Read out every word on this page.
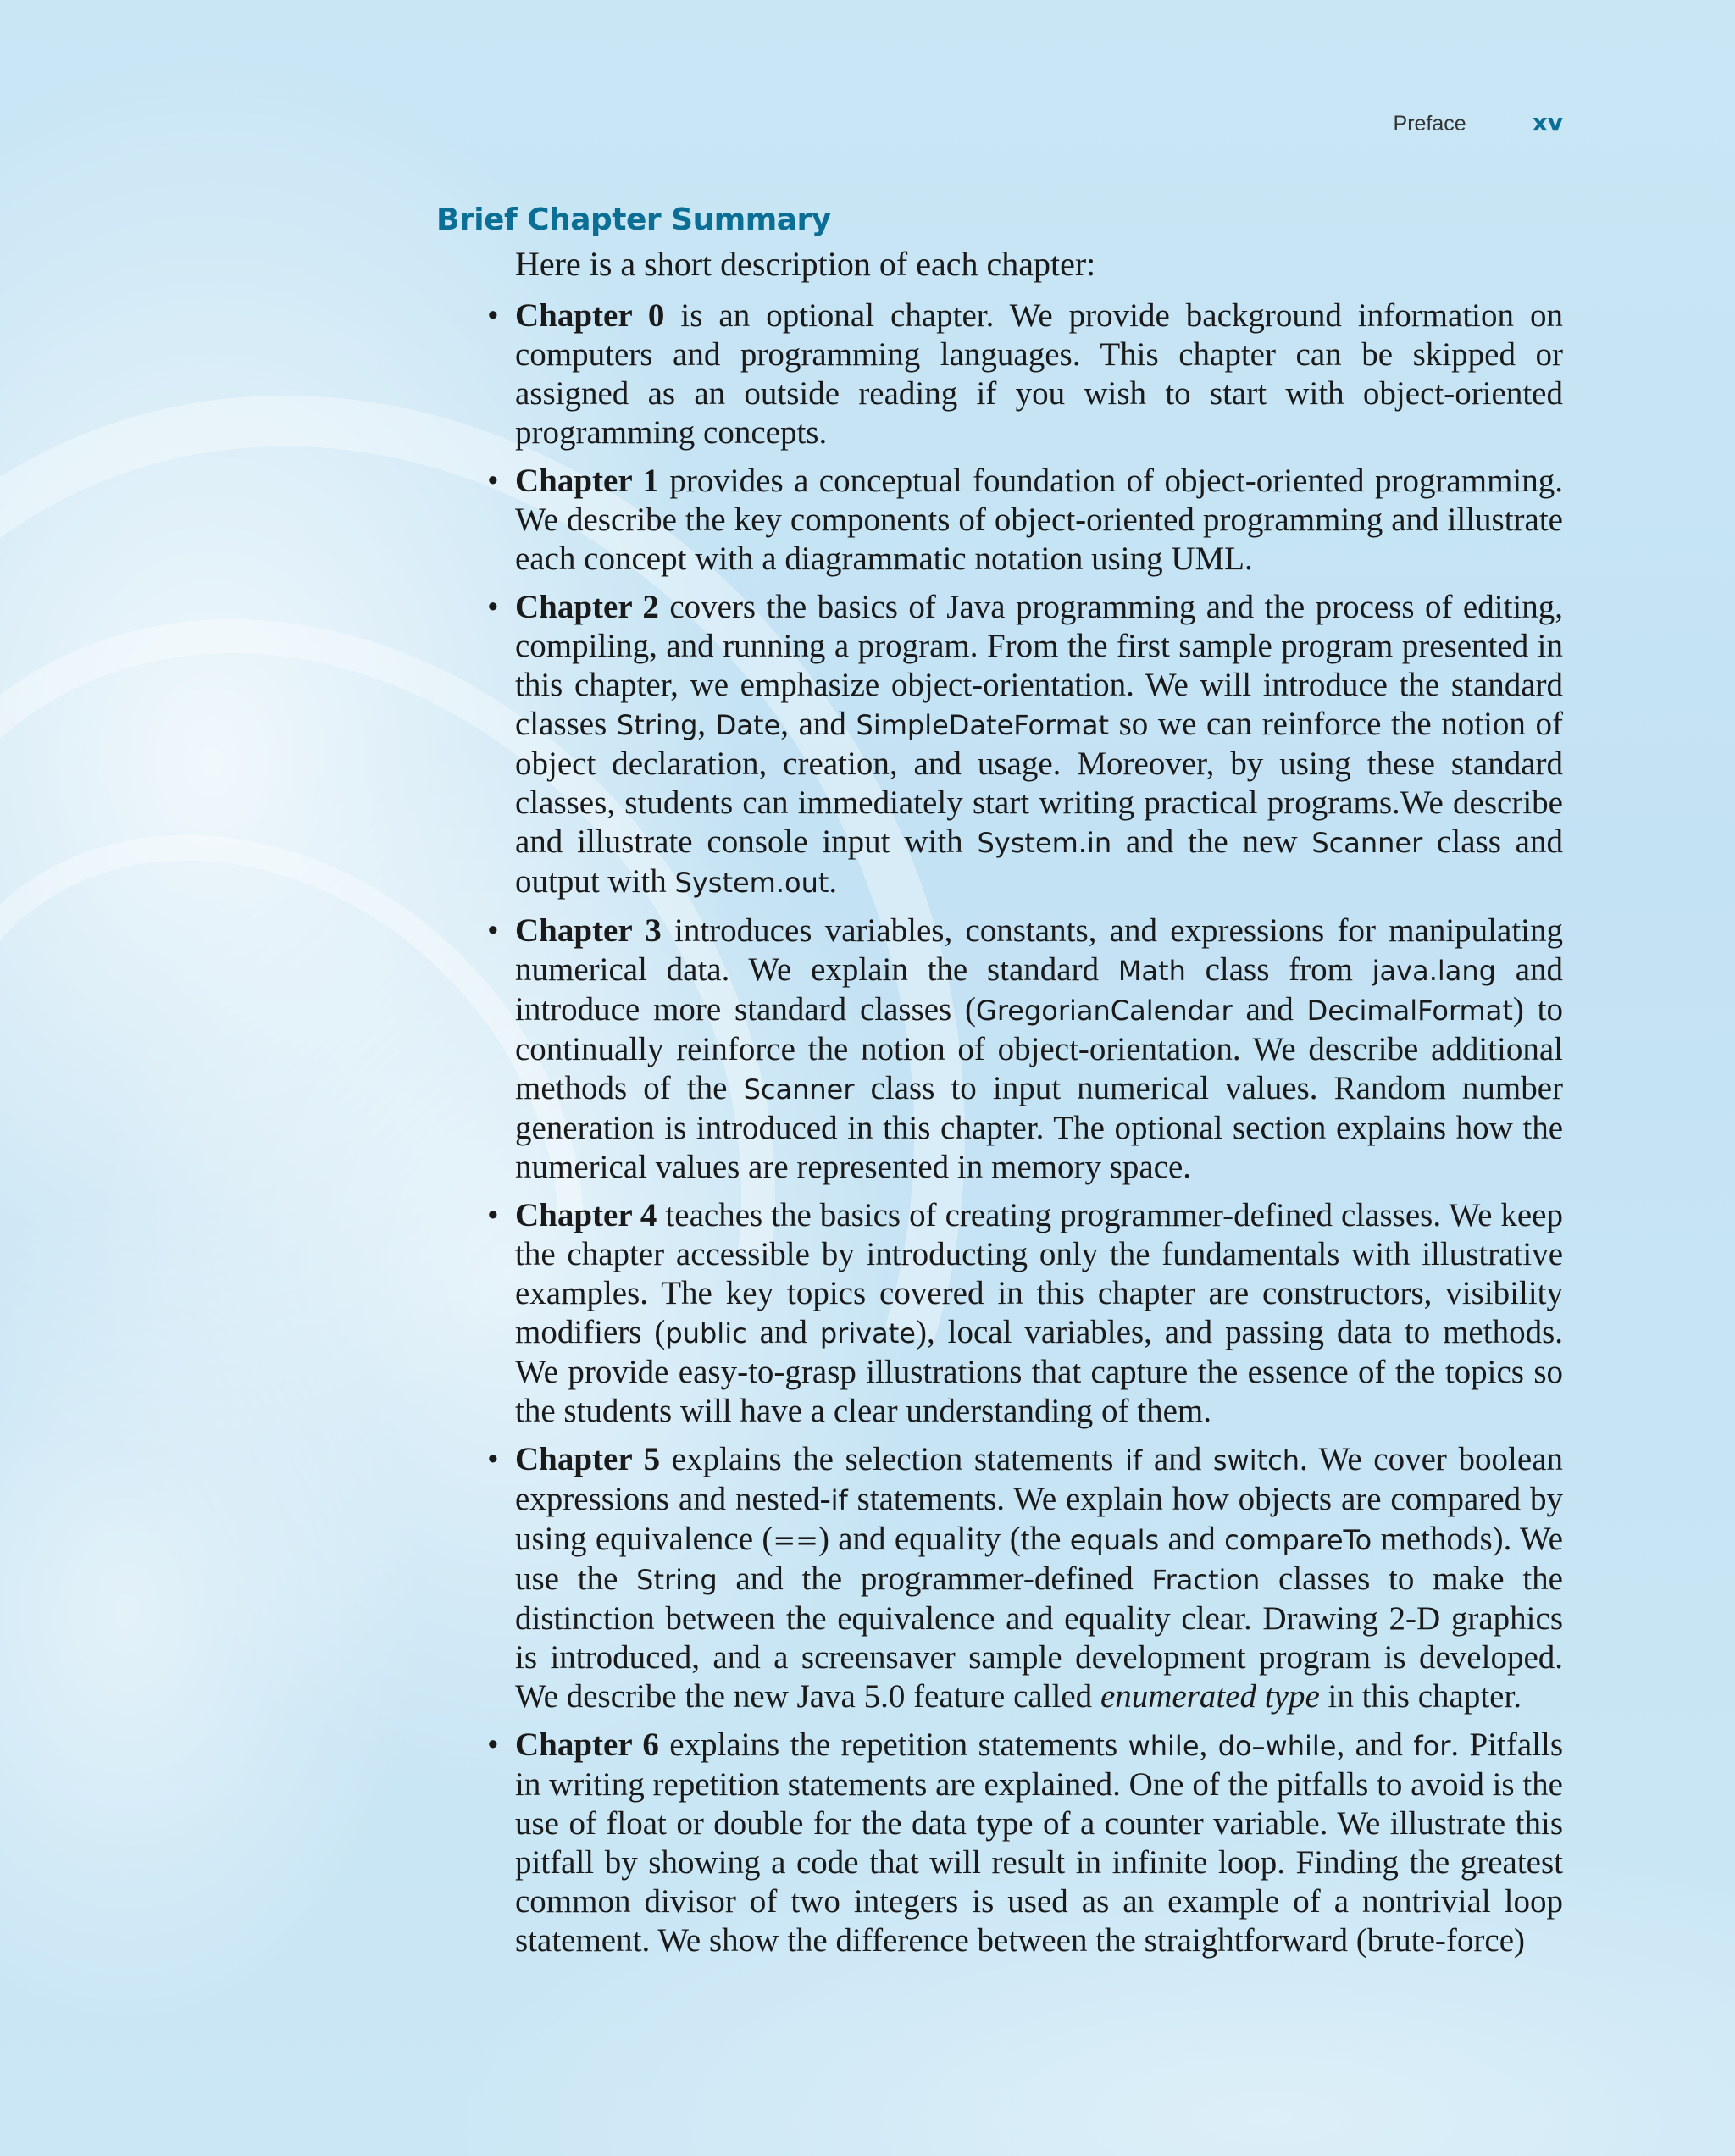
Preface	xv
Brief Chapter Summary

Here is a short description of each chapter:

• Chapter 0 is an optional chapter. We provide background information on computers and programming languages. This chapter can be skipped or assigned as an outside reading if you wish to start with object-oriented programming concepts.
• Chapter 1 provides a conceptual foundation of object-oriented programming. We describe the key components of object-oriented programming and illustrate each concept with a diagrammatic notation using UML.
• Chapter 2 covers the basics of Java programming and the process of editing, compiling, and running a program. From the first sample program presented in this chapter, we emphasize object-orientation. We will introduce the standard classes String, Date, and SimpleDateFormat so we can reinforce the notion of object declaration, creation, and usage. Moreover, by using these standard classes, students can immediately start writing practical programs.We describe and illustrate console input with System.in and the new Scanner class and output with System.out.
• Chapter 3 introduces variables, constants, and expressions for manipulating numerical data. We explain the standard Math class from java.lang and introduce more standard classes (GregorianCalendar and DecimalFormat) to continually reinforce the notion of object-orientation. We describe additional methods of the Scanner class to input numerical values. Random number generation is introduced in this chapter. The optional section explains how the numerical values are represented in memory space.
• Chapter 4 teaches the basics of creating programmer-defined classes. We keep the chapter accessible by introducting only the fundamentals with illustrative examples. The key topics covered in this chapter are constructors, visibility modifiers (public and private), local variables, and passing data to methods. We provide easy-to-grasp illustrations that capture the essence of the topics so the students will have a clear understanding of them.
• Chapter 5 explains the selection statements if and switch. We cover boolean expressions and nested-if statements. We explain how objects are compared by using equivalence (==) and equality (the equals and compareTo methods). We use the String and the programmer-defined Fraction classes to make the distinction between the equivalence and equality clear. Drawing 2-D graphics is introduced, and a screensaver sample development program is developed. We describe the new Java 5.0 feature called enumerated type in this chapter.
• Chapter 6 explains the repetition statements while, do–while, and for. Pitfalls in writing repetition statements are explained. One of the pitfalls to avoid is the use of float or double for the data type of a counter variable. We illustrate this pitfall by showing a code that will result in infinite loop. Finding the greatest common divisor of two integers is used as an example of a nontrivial loop statement. We show the difference between the straightforward (brute-force)
